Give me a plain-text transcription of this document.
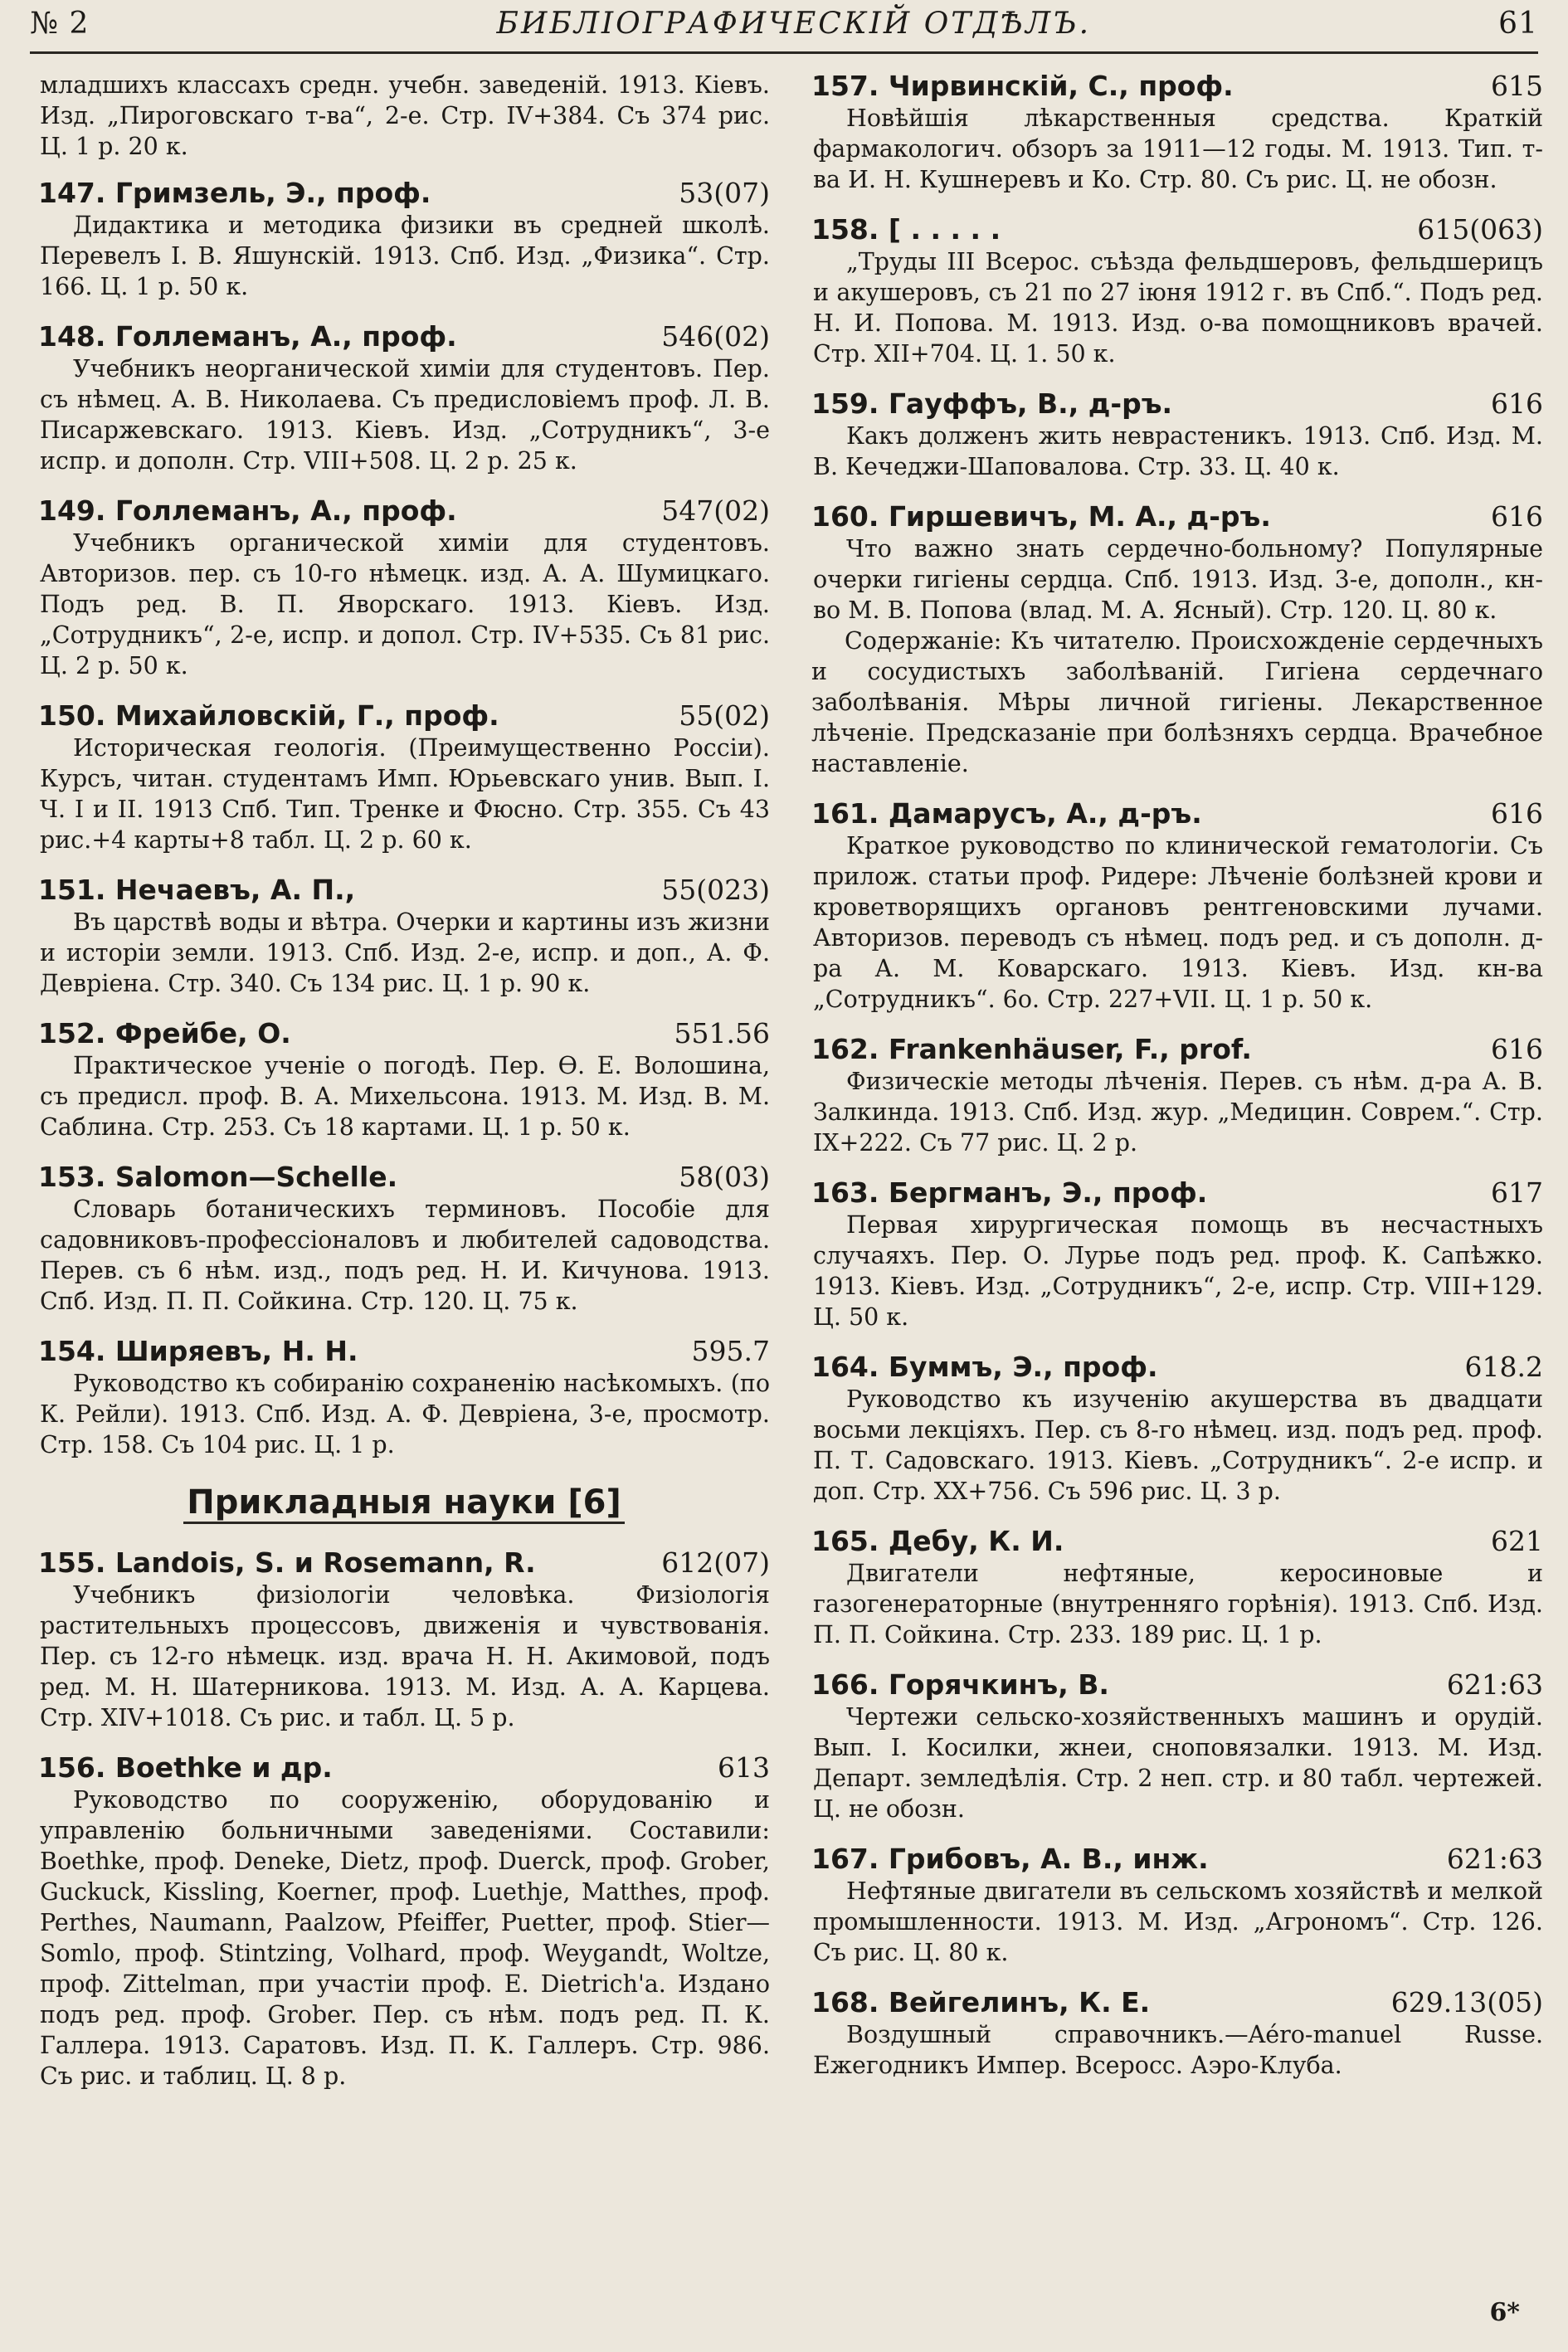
№ 2	БИБЛІОГРАФИЧЕСКІЙ ОТДѢЛЪ.	61

младшихъ классахъ средн. учебн. заведеній. 1913. Кіевъ. Изд. „Пироговскаго т-ва“, 2-е. Стр. IV+384. Съ 374 рис. Ц. 1 р. 20 к.

147. Гримзель, Э., проф.	53(07)

Дидактика и методика физики въ средней школѣ. Перевелъ І. В. Яшунскій. 1913. Спб. Изд. „Физика“. Стр. 166. Ц. 1 р. 50 к.

148. Голлеманъ, А., проф.	546(02)

Учебникъ неорганической химіи для студентовъ. Пер. съ нѣмец. А. В. Николаева. Съ предисловіемъ проф. Л. В. Писаржевскаго. 1913. Кіевъ. Изд. „Сотрудникъ“, 3-е испр. и дополн. Стр. VIII+508. Ц. 2 р. 25 к.

149. Голлеманъ, А., проф.	547(02)

Учебникъ органической химіи для студентовъ. Авторизов. пер. съ 10-го нѣмецк. изд. А. А. Шумицкаго. Подъ ред. В. П. Яворскаго. 1913. Кіевъ. Изд. „Сотрудникъ“, 2-е, испр. и допол. Стр. IV+535. Съ 81 рис. Ц. 2 р. 50 к.

150. Михайловскій, Г., проф.	55(02)

Историческая геологія. (Преимущественно Россіи). Курсъ, читан. студентамъ Имп. Юрьевскаго унив. Вып. І. Ч. І и II. 1913 Спб. Тип. Тренке и Фюсно. Стр. 355. Съ 43 рис.+4 карты+8 табл. Ц. 2 р. 60 к.

151. Нечаевъ, А. П.,	55(023)

Въ царствѣ воды и вѣтра. Очерки и картины изъ жизни и исторіи земли. 1913. Спб. Изд. 2-е, испр. и доп., А. Ф. Девріена. Стр. 340. Съ 134 рис. Ц. 1 р. 90 к.

152. Фрейбе, О.	551.56

Практическое ученіе о погодѣ. Пер. Ѳ. Е. Волошина, съ предисл. проф. В. А. Михельсона. 1913. М. Изд. В. М. Саблина. Стр. 253. Съ 18 картами. Ц. 1 р. 50 к.

153. Salomon—Schelle.	58(03)

Словарь ботаническихъ терминовъ. Пособіе для садовниковъ-профессіоналовъ и любителей садоводства. Перев. съ 6 нѣм. изд., подъ ред. Н. И. Кичунова. 1913. Спб. Изд. П. П. Сойкина. Стр. 120. Ц. 75 к.

154. Ширяевъ, Н. Н.	595.7

Руководство къ собиранію сохраненію насѣкомыхъ. (по К. Рейли). 1913. Спб. Изд. А. Ф. Девріена, 3-е, просмотр. Стр. 158. Съ 104 рис. Ц. 1 р.

Прикладныя науки [6]
155. Landois, S. и Rosemann, R.	612(07)

Учебникъ физіологіи человѣка. Физіологія растительныхъ процессовъ, движенія и чувствованія. Пер. съ 12-го нѣмецк. изд. врача Н. Н. Акимовой, подъ ред. М. Н. Шатерникова. 1913. М. Изд. А. А. Карцева. Стр. XIV+1018. Съ рис. и табл. Ц. 5 р.

156. Boethke и др.	613

Руководство по сооруженію, оборудованію и управленію больничными заведеніями. Составили: Boethke, проф. Deneke, Dietz, проф. Duerck, проф. Grober, Guckuck, Kissling, Koerner, проф. Luethje, Matthes, проф. Perthes, Naumann, Paalzow, Pfeiffer, Puetter, проф. Stier—Somlo, проф. Stintzing, Volhard, проф. Weygandt, Woltze, проф. Zittelman, при участіи проф. E. Dietrich'a. Издано подъ ред. проф. Grober. Пер. съ нѣм. подъ ред. П. К. Галлера. 1913. Саратовъ. Изд. П. К. Галлеръ. Стр. 986. Съ рис. и таблиц. Ц. 8 р.

157. Чирвинскій, С., проф.	615

Новѣйшія лѣкарственныя средства. Краткій фармакологич. обзоръ за 1911—12 годы. М. 1913. Тип. т-ва И. Н. Кушнеревъ и Ко. Стр. 80. Съ рис. Ц. не обозн.

158. [ . . . . .	615(063)

„Труды III Всерос. съѣзда фельдшеровъ, фельдшерицъ и акушеровъ, съ 21 по 27 іюня 1912 г. въ Спб.“. Подъ ред. Н. И. Попова. М. 1913. Изд. о-ва помощниковъ врачей. Стр. XII+704. Ц. 1. 50 к.

159. Гауффъ, В., д-ръ.	616

Какъ долженъ жить неврастеникъ. 1913. Спб. Изд. М. В. Кечеджи-Шаповалова. Стр. 33. Ц. 40 к.

160. Гиршевичъ, М. А., д-ръ.	616

Что важно знать сердечно-больному? Популярные очерки гигіены сердца. Спб. 1913. Изд. 3-е, дополн., кн-во М. В. Попова (влад. М. А. Ясный). Стр. 120. Ц. 80 к.

Содержаніе: Къ читателю. Происхожденіе сердечныхъ и сосудистыхъ заболѣваній. Гигіена сердечнаго заболѣванія. Мѣры личной гигіены. Лекарственное лѣченіе. Предсказаніе при болѣзняхъ сердца. Врачебное наставленіе.

161. Дамарусъ, А., д-ръ.	616

Краткое руководство по клинической гематологіи. Съ прилож. статьи проф. Ридере: Лѣченіе болѣзней крови и кроветворящихъ органовъ рентгеновскими лучами. Авторизов. переводъ съ нѣмец. подъ ред. и съ дополн. д-ра А. М. Коварскаго. 1913. Кіевъ. Изд. кн-ва „Сотрудникъ“. 6о. Стр. 227+VII. Ц. 1 р. 50 к.

162. Frankenhäuser, F., prof.	616

Физическіе методы лѣченія. Перев. съ нѣм. д-ра А. В. Залкинда. 1913. Спб. Изд. жур. „Медицин. Соврем.“. Стр. IX+222. Съ 77 рис. Ц. 2 р.

163. Бергманъ, Э., проф.	617

Первая хирургическая помощь въ несчастныхъ случаяхъ. Пер. О. Лурье подъ ред. проф. К. Сапѣжко. 1913. Кіевъ. Изд. „Сотрудникъ“, 2-е, испр. Стр. VIII+129. Ц. 50 к.

164. Буммъ, Э., проф.	618.2

Руководство къ изученію акушерства въ двадцати восьми лекціяхъ. Пер. съ 8-го нѣмец. изд. подъ ред. проф. П. Т. Садовскаго. 1913. Кіевъ. „Сотрудникъ“. 2-е испр. и доп. Стр. XX+756. Съ 596 рис. Ц. 3 р.

165. Дебу, К. И.	621

Двигатели нефтяные, керосиновые и газогенераторные (внутренняго горѣнія). 1913. Спб. Изд. П. П. Сойкина. Стр. 233. 189 рис. Ц. 1 р.

166. Горячкинъ, В.	621:63

Чертежи сельско-хозяйственныхъ машинъ и орудій. Вып. І. Косилки, жнеи, сноповязалки. 1913. М. Изд. Департ. земледѣлія. Стр. 2 неп. стр. и 80 табл. чертежей. Ц. не обозн.

167. Грибовъ, А. В., инж.	621:63

Нефтяные двигатели въ сельскомъ хозяйствѣ и мелкой промышленности. 1913. М. Изд. „Агрономъ“. Стр. 126. Съ рис. Ц. 80 к.

168. Вейгелинъ, К. Е.	629.13(05)

Воздушный справочникъ.—Aéro-manuel Russe. Ежегодникъ Импер. Всеросс. Аэро-Клуба.

6*
